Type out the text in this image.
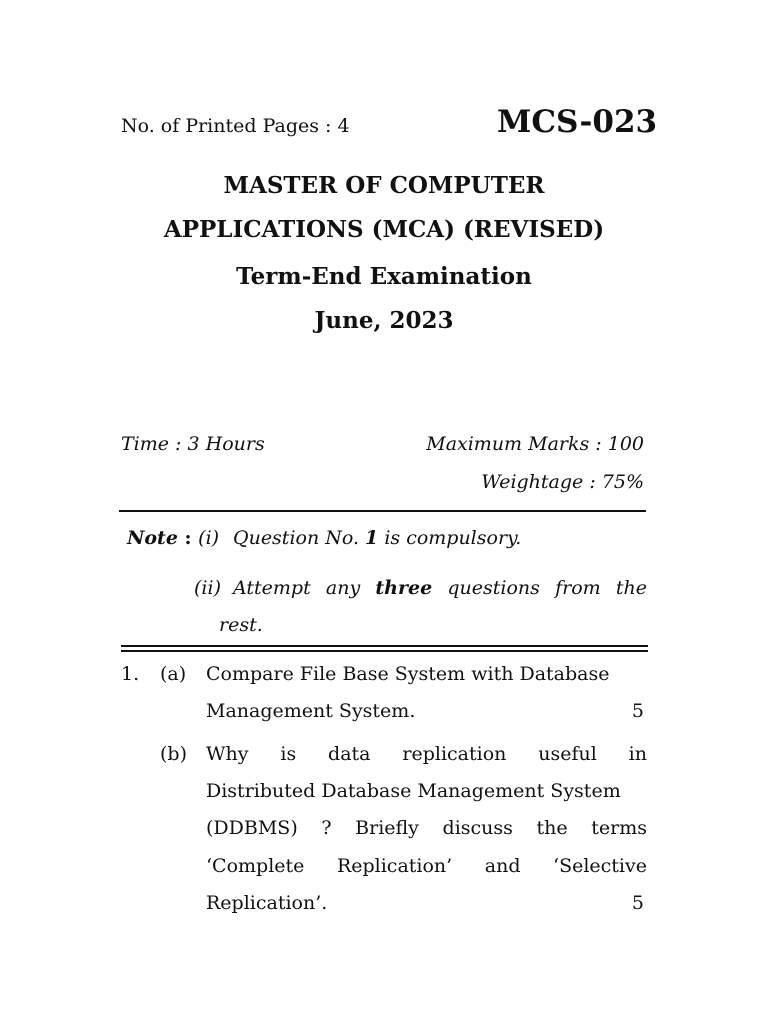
No. of Printed Pages : 4	MCS-023
MASTER OF COMPUTER
APPLICATIONS (MCA) (REVISED)
Term-End Examination
June, 2023
Time : 3 Hours	Maximum Marks : 100
Weightage : 75%
Note : (i) Question No. 1 is compulsory.
(ii) Attempt any three questions from the
rest.
1. (a) Compare File Base System with Database
Management System.	5
(b) Why is data replication useful in
Distributed Database Management System
(DDBMS) ? Briefly discuss the terms
‘Complete Replication’ and ‘Selective
Replication’.	5
